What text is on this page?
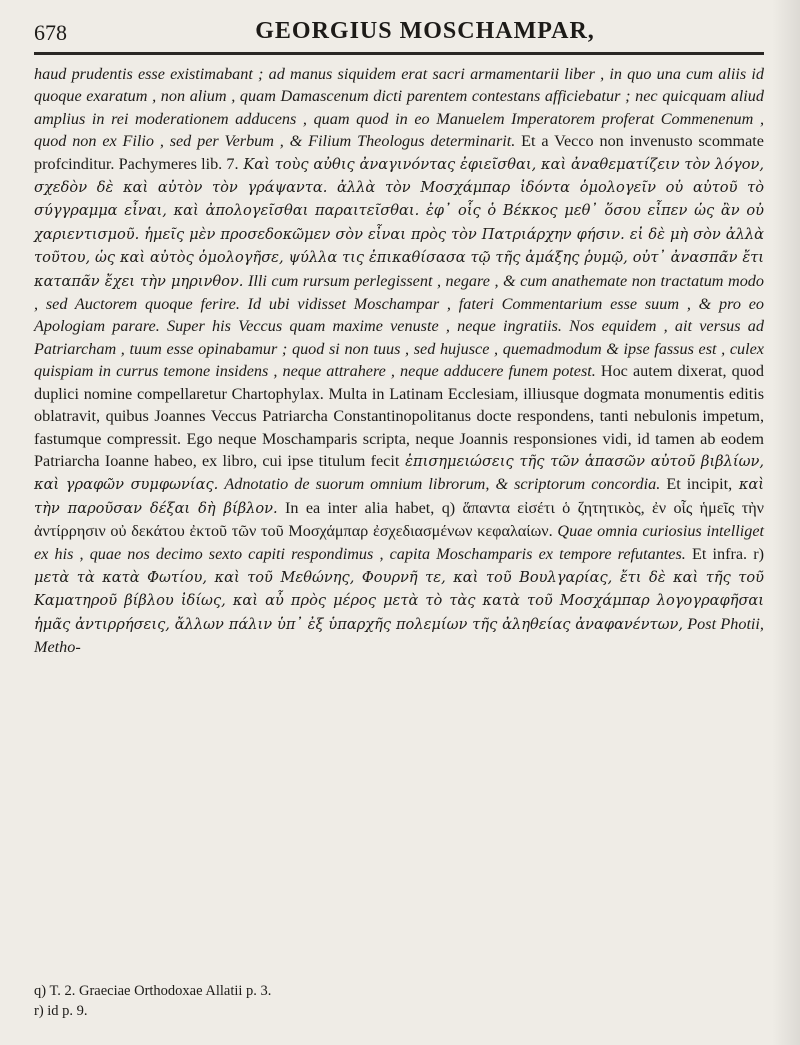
678	GEORGIUS MOSCHAMPAR,

haud prudentis esse existimabant ; ad manus siquidem erat sacri armamentarii liber , in quo una cum aliis id quoque exaratum , non alium , quam Damascenum dicti parentem contestans afficiebatur ; nec quicquam aliud amplius in rei moderationem adducens , quam quod in eo Manuelem Imperatorem proferat Commenenum , quod non ex Filio , sed per Verbum , & Filium Theologus determinarit. Et a Vecco non invenusto scommate profcinditur. Pachymeres lib. 7. Καὶ τοὺς αὐθις ἀναγινόντας ἐφιεῖσθαι, καὶ ἀναθεματίζειν τὸν λόγον, σχεδὸν δὲ καὶ αὐτὸν τὸν γράψαντα. ἀλλὰ τὸν Μοσχάμπαρ ἰδόντα ὁμολογεῖν οὐ αὐτοῦ τὸ σύγγραμμα εἶναι, καὶ ἀπολογεῖσθαι παραιτεῖσθαι. ἐφ᾽ οἷς ὁ Βέκκος μεθ᾽ ὅσου εἶπεν ὡς ἂν οὐ χαριεντισμοῦ. ἡμεῖς μὲν προσεδοκῶμεν σὸν εἶναι πρὸς τὸν Πατριάρχην φήσιν. εἰ δὲ μὴ σὸν ἀλλὰ τοῦτου, ὡς καὶ αὐτὸς ὁμολογῆσε, ψύλλα τις ἐπικαθίσασα τῷ τῆς ἀμάξης ῥυμῷ, οὐτ᾽ ἀνασπᾶν ἔτι καταπᾶν ἔχει τὴν μηρινθον. Illi cum rursum perlegissent , negare , & cum anathemate non tractatum modo , sed Auctorem quoque ferire. Id ubi vidisset Moschampar , fateri Commentarium esse suum , & pro eo Apologiam parare. Super his Veccus quam maxime venuste , neque ingratiis. Nos equidem , ait versus ad Patriarcham , tuum esse opinabamur ; quod si non tuus , sed hujusce , quemadmodum & ipse fassus est , culex quispiam in currus temone insidens , neque attrahere , neque adducere funem potest. Hoc autem dixerat, quod duplici nomine compellaretur Chartophylax. Multa in Latinam Ecclesiam, illiusque dogmata monumentis editis oblatravit, quibus Joannes Veccus Patriarcha Constantinopolitanus docte respondens, tanti nebulonis impetum, fastumque compressit. Ego neque Moschamparis scripta, neque Joannis responsiones vidi, id tamen ab eodem Patriarcha Ioanne habeo, ex libro, cui ipse titulum fecit ἐπισημειώσεις τῆς τῶν ἁπασῶν αὐτοῦ βιβλίων, καὶ γραφῶν συμφωνίας. Adnotatio de suorum omnium librorum, & scriptorum concordia. Et incipit, καὶ τὴν παροῦσαν δέξαι δὴ βίβλον. In ea inter alia habet, q) ἅπαντα εἰσέτι ὁ ζητητικὸς, ἐν οἷς ἡμεῖς τὴν ἀντίρρησιν οὐ δεκάτου ἐκτοῦ τῶν τοῦ Μοσχάμπαρ ἐσχεδιασμένων κεφαλαίων. Quae omnia curiosius intelliget ex his , quae nos decimo sexto capiti respondimus , capita Moschamparis ex tempore refutantes. Et infra. r) μετὰ τὰ κατὰ Φωτίου, καὶ τοῦ Μεθώνης, Φουρνῆ τε, καὶ τοῦ Βουλγαρίας, ἔτι δὲ καὶ τῆς τοῦ Καματηροῦ βίβλου ἰδίως, καὶ αὖ πρὸς μέρος μετὰ τὸ τὰς κατὰ τοῦ Μοσχάμπαρ λογογραφῆσαι ἡμᾶς ἀντιρρήσεις, ἄλλων πάλιν ὑπ᾽ ἐξ ὑπαρχῆς πολεμίων τῆς ἀληθείας ἀναφανέντων, Post Photii, Metho-

q) T. 2. Graeciae Orthodoxae Allatii p. 3.
r) id p. 9.
